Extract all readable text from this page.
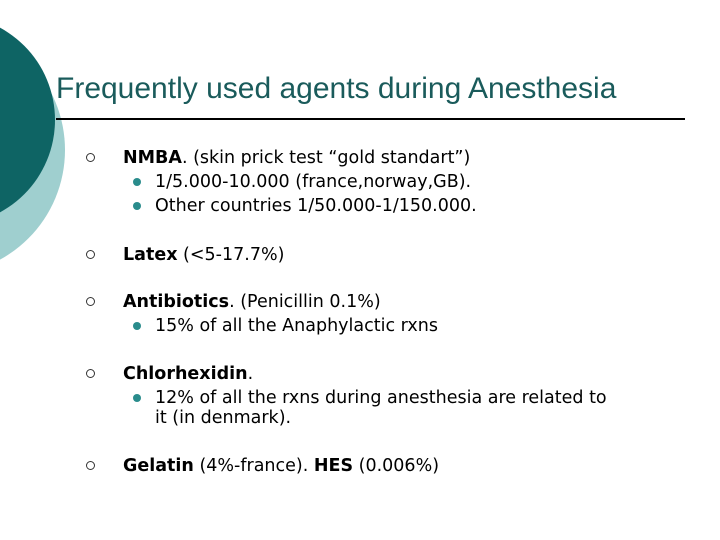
Frequently used agents during Anesthesia
NMBA. (skin prick test “gold standart”)
1/5.000-10.000 (france,norway,GB).
Other countries 1/50.000-1/150.000.
Latex (<5-17.7%)
Antibiotics. (Penicillin 0.1%)
15% of all the Anaphylactic rxns
Chlorhexidin.
12% of all the rxns during anesthesia are related to
it (in denmark).
Gelatin (4%-france). HES (0.006%)
